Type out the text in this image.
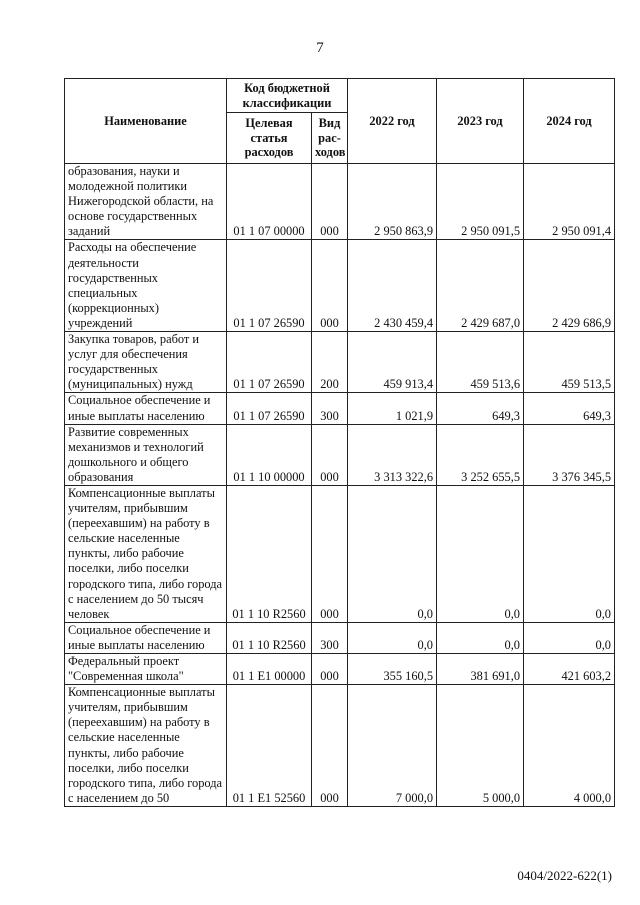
7
Наименование	Код бюджетной классификации		2022 год	2023 год	2024 год
	Целевая статья расходов	Вид рас-ходов			
образования, науки и молодежной политики Нижегородской области, на основе государственных заданий	01 1 07 00000	000	2 950 863,9	2 950 091,5	2 950 091,4
Расходы на обеспечение деятельности государственных специальных (коррекционных) учреждений	01 1 07 26590	000	2 430 459,4	2 429 687,0	2 429 686,9
Закупка товаров, работ и услуг для обеспечения государственных (муниципальных) нужд	01 1 07 26590	200	459 913,4	459 513,6	459 513,5
Социальное обеспечение и иные выплаты населению	01 1 07 26590	300	1 021,9	649,3	649,3
Развитие современных механизмов и технологий дошкольного и общего образования	01 1 10 00000	000	3 313 322,6	3 252 655,5	3 376 345,5
Компенсационные выплаты учителям, прибывшим (переехавшим) на работу в сельские населенные пункты, либо рабочие поселки, либо поселки городского типа, либо города с населением до 50 тысяч человек	01 1 10 R2560	000	0,0	0,0	0,0
Социальное обеспечение и иные выплаты населению	01 1 10 R2560	300	0,0	0,0	0,0
Федеральный проект "Современная школа"	01 1 E1 00000	000	355 160,5	381 691,0	421 603,2
Компенсационные выплаты учителям, прибывшим (переехавшим) на работу в сельские населенные пункты, либо рабочие поселки, либо поселки городского типа, либо города с населением до 50	01 1 E1 52560	000	7 000,0	5 000,0	4 000,0
0404/2022-622(1)
